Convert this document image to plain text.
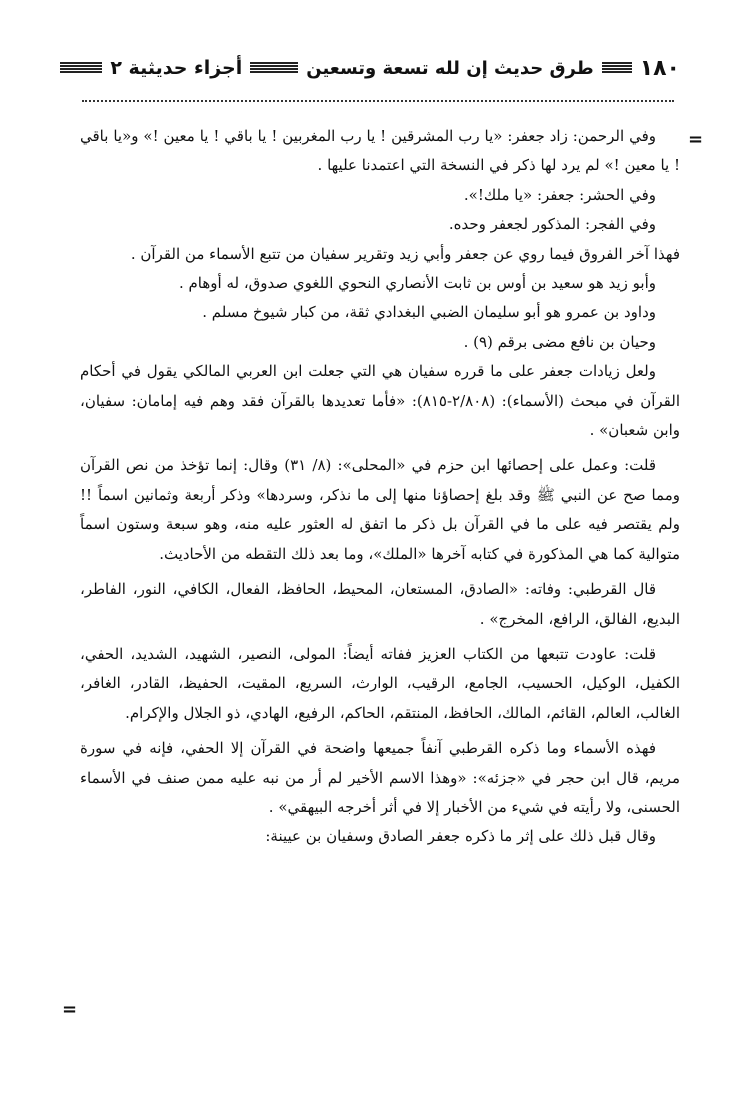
١٨٠
طرق حديث إن لله تسعة وتسعين
أجزاء حديثية ٢
=

وفي الرحمن: زاد جعفر: «يا رب المشرقين ! يا رب المغربين ! يا باقي ! يا معين !» و«يا باقي ! يا معين !» لم يرد لها ذكر في النسخة التي اعتمدنا عليها .

وفي الحشر: جعفر: «يا ملك!».

وفي الفجر: المذكور لجعفر وحده.

فهذا آخر الفروق فيما روي عن جعفر وأبي زيد وتقرير سفيان من تتبع الأسماء من القرآن .

وأبو زيد هو سعيد بن أوس بن ثابت الأنصاري النحوي اللغوي صدوق، له أوهام .

وداود بن عمرو هو أبو سليمان الضبي البغدادي ثقة، من كبار شيوخ مسلم .

وحيان بن نافع مضى برقم (٩) .

ولعل زيادات جعفر على ما قرره سفيان هي التي جعلت ابن العربي المالكي يقول في أحكام القرآن في مبحث (الأسماء): (٢/٨٠٨-٨١٥): «فأما تعديدها بالقرآن فقد وهم فيه إمامان: سفيان، وابن شعبان» .

قلت: وعمل على إحصائها ابن حزم في «المحلى»: (٨/ ٣١) وقال: إنما تؤخذ من نص القرآن ومما صح عن النبي ﷺ وقد بلغ إحصاؤنا منها إلى ما نذكر، وسردها» وذكر أربعة وثمانين اسماً !! ولم يقتصر فيه على ما في القرآن بل ذكر ما اتفق له العثور عليه منه، وهو سبعة وستون اسماً متوالية كما هي المذكورة في كتابه آخرها «الملك»، وما بعد ذلك التقطه من الأحاديث.

قال القرطبي: وفاته: «الصادق، المستعان، المحيط، الحافظ، الفعال، الكافي، النور، الفاطر، البديع، الفالق، الرافع، المخرج» .

قلت: عاودت تتبعها من الكتاب العزيز ففاته أيضاً: المولى، النصير، الشهيد، الشديد، الحفي، الكفيل، الوكيل، الحسيب، الجامع، الرقيب، الوارث، السريع، المقيت، الحفيظ، القادر، الغافر، الغالب، العالم، القائم، المالك، الحافظ، المنتقم، الحاكم، الرفيع، الهادي، ذو الجلال والإكرام.

فهذه الأسماء وما ذكره القرطبي آنفاً جميعها واضحة في القرآن إلا الحفي، فإنه في سورة مريم، قال ابن حجر في «جزئه»: «وهذا الاسم الأخير لم أر من نبه عليه ممن صنف في الأسماء الحسنى، ولا رأيته في شيء من الأخبار إلا في أثر أخرجه البيهقي» .

وقال قبل ذلك على إثر ما ذكره جعفر الصادق وسفيان بن عيينة:

=
